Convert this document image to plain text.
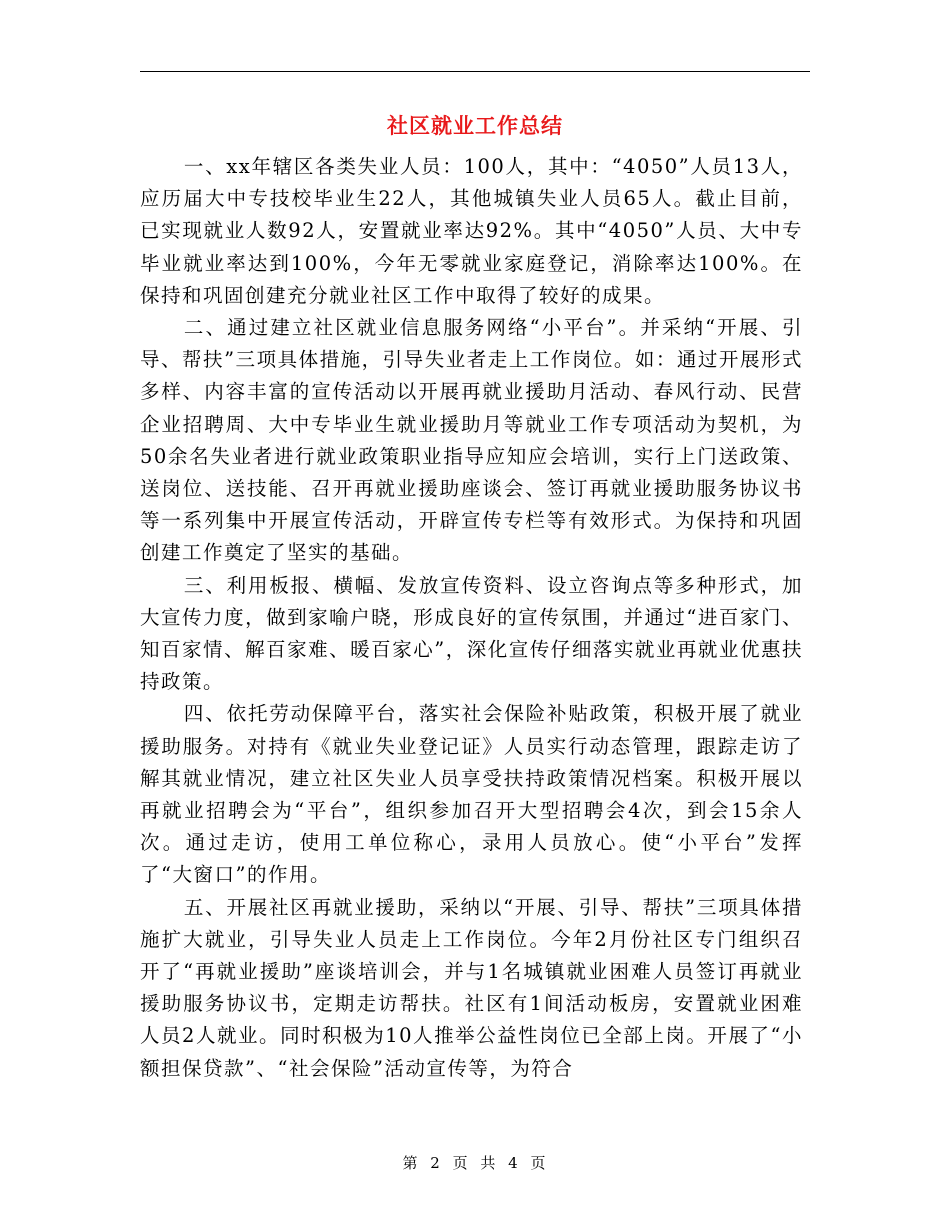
社区就业工作总结

一、xx年辖区各类失业人员：100人，其中：“4050”人员13人，应历届大中专技校毕业生22人，其他城镇失业人员65人。截止目前，已实现就业人数92人，安置就业率达92%。其中“4050”人员、大中专毕业就业率达到100%，今年无零就业家庭登记，消除率达100%。在保持和巩固创建充分就业社区工作中取得了较好的成果。

二、通过建立社区就业信息服务网络“小平台”。并采纳“开展、引导、帮扶”三项具体措施，引导失业者走上工作岗位。如：通过开展形式多样、内容丰富的宣传活动以开展再就业援助月活动、春风行动、民营企业招聘周、大中专毕业生就业援助月等就业工作专项活动为契机，为50余名失业者进行就业政策职业指导应知应会培训，实行上门送政策、送岗位、送技能、召开再就业援助座谈会、签订再就业援助服务协议书等一系列集中开展宣传活动，开辟宣传专栏等有效形式。为保持和巩固创建工作奠定了坚实的基础。

三、利用板报、横幅、发放宣传资料、设立咨询点等多种形式，加大宣传力度，做到家喻户晓，形成良好的宣传氛围，并通过“进百家门、知百家情、解百家难、暖百家心”，深化宣传仔细落实就业再就业优惠扶持政策。

四、依托劳动保障平台，落实社会保险补贴政策，积极开展了就业援助服务。对持有《就业失业登记证》人员实行动态管理，跟踪走访了解其就业情况，建立社区失业人员享受扶持政策情况档案。积极开展以再就业招聘会为“平台”，组织参加召开大型招聘会4次，到会15余人次。通过走访，使用工单位称心，录用人员放心。使“小平台”发挥了“大窗口”的作用。

五、开展社区再就业援助，采纳以“开展、引导、帮扶”三项具体措施扩大就业，引导失业人员走上工作岗位。今年2月份社区专门组织召开了“再就业援助”座谈培训会，并与1名城镇就业困难人员签订再就业援助服务协议书，定期走访帮扶。社区有1间活动板房，安置就业困难人员2人就业。同时积极为10人推举公益性岗位已全部上岗。开展了“小额担保贷款”、“社会保险”活动宣传等，为符合

第 2 页 共 4 页
